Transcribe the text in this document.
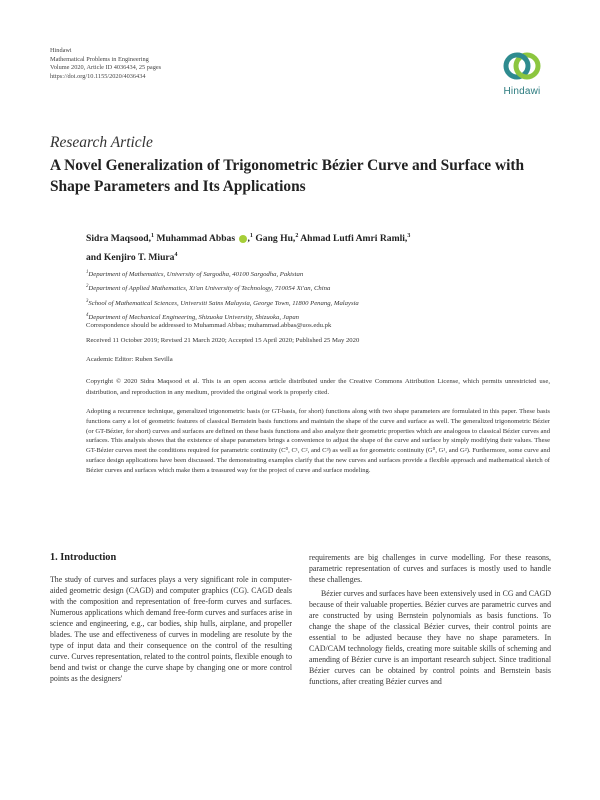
Hindawi
Mathematical Problems in Engineering
Volume 2020, Article ID 4036434, 25 pages
https://doi.org/10.1155/2020/4036434
Hindawi
Research Article
A Novel Generalization of Trigonometric Bézier Curve and Surface with Shape Parameters and Its Applications
Sidra Maqsood,$^1$ Muhammad Abbas ,$^1$ Gang Hu,$^2$ Ahmad Lutfi Amri Ramli,$^3$
and Kenjiro T. Miura$^4$
$^1$Department of Mathematics, University of Sargodha, 40100 Sargodha, Pakistan
$^2$Department of Applied Mathematics, Xi'an University of Technology, 710054 Xi'an, China
$^3$School of Mathematical Sciences, Universiti Sains Malaysia, George Town, 11800 Penang, Malaysia
$^4$Department of Mechanical Engineering, Shizuoka University, Shizuoka, Japan
Correspondence should be addressed to Muhammad Abbas; muhammad.abbas@uos.edu.pk
Received 11 October 2019; Revised 21 March 2020; Accepted 15 April 2020; Published 25 May 2020
Academic Editor: Ruben Sevilla
Copyright © 2020 Sidra Maqsood et al. This is an open access article distributed under the Creative Commons Attribution License, which permits unrestricted use, distribution, and reproduction in any medium, provided the original work is properly cited.

Adopting a recurrence technique, generalized trigonometric basis (or GT-basis, for short) functions along with two shape parameters are formulated in this paper. These basis functions carry a lot of geometric features of classical Bernstein basis functions and maintain the shape of the curve and surface as well. The generalized trigonometric Bézier (or GT-Bézier, for short) curves and surfaces are defined on these basis functions and also analyze their geometric properties which are analogous to classical Bézier curves and surfaces. This analysis shows that the existence of shape parameters brings a convenience to adjust the shape of the curve and surface by simply modifying their values. These GT-Bézier curves meet the conditions required for parametric continuity (C⁰, C¹, C², and C³) as well as for geometric continuity (G⁰, G¹, and G²). Furthermore, some curve and surface design applications have been discussed. The demonstrating examples clarify that the new curves and surfaces provide a flexible approach and mathematical sketch of Bézier curves and surfaces which make them a treasured way for the project of curve and surface modeling.

1. Introduction

The study of curves and surfaces plays a very significant role in computer-aided geometric design (CAGD) and computer graphics (CG). CAGD deals with the composition and representation of free-form curves and surfaces. Numerous applications which demand free-form curves and surfaces arise in science and engineering, e.g., car bodies, ship hulls, airplane, and propeller blades. The use and effectiveness of curves in modeling are resolute by the type of input data and their consequence on the control of the resulting curve. Curves representation, related to the control points, flexible enough to bend and twist or change the curve shape by changing one or more control points as the designers'

requirements are big challenges in curve modelling. For these reasons, parametric representation of curves and surfaces is mostly used to handle these challenges.

Bézier curves and surfaces have been extensively used in CG and CAGD because of their valuable properties. Bézier curves are parametric curves and are constructed by using Bernstein polynomials as basis functions. To change the shape of the classical Bézier curves, their control points are essential to be adjusted because they have no shape parameters. In CAD/CAM technology fields, creating more suitable skills of scheming and amending of Bézier curve is an important research subject. Since traditional Bézier curves can be obtained by control points and Bernstein basis functions, after creating Bézier curves and
